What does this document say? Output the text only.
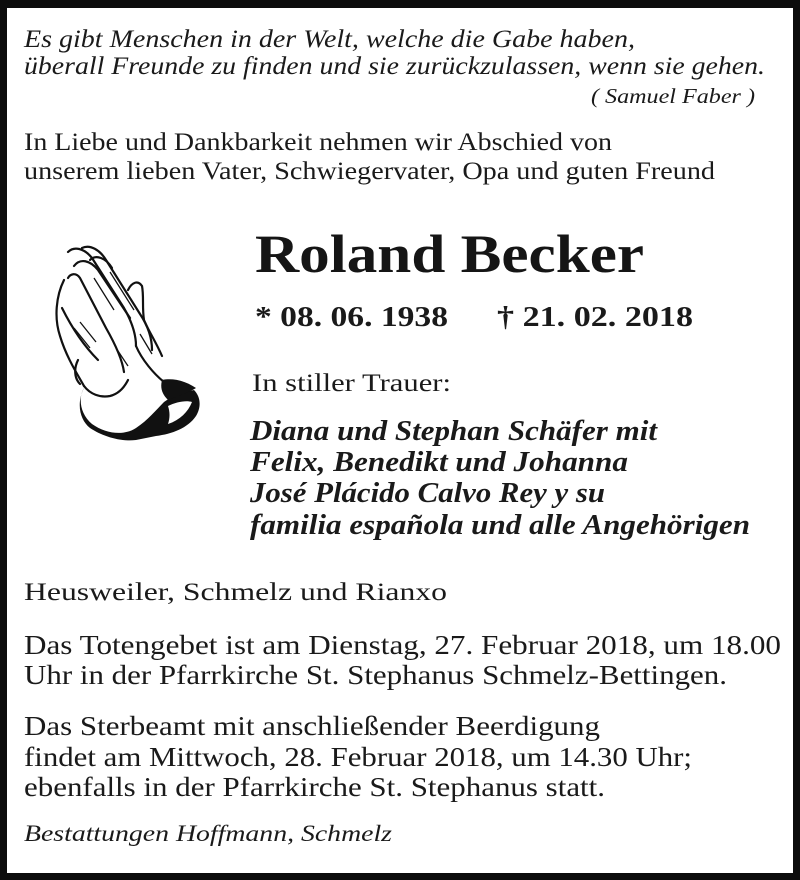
Es gibt Menschen in der Welt, welche die Gabe haben,
überall Freunde zu finden und sie zurückzulassen, wenn sie gehen.
( Samuel Faber )
In Liebe und Dankbarkeit nehmen wir Abschied von
unserem lieben Vater, Schwiegervater, Opa und guten Freund
Roland Becker
* 08. 06. 1938 † 21. 02. 2018
In stiller Trauer:
Diana und Stephan Schäfer mit
Felix, Benedikt und Johanna
José Plácido Calvo Rey y su
familia española und alle Angehörigen
Heusweiler, Schmelz und Rianxo
Das Totengebet ist am Dienstag, 27. Februar 2018, um 18.00
Uhr in der Pfarrkirche St. Stephanus Schmelz-Bettingen.
Das Sterbeamt mit anschließender Beerdigung
findet am Mittwoch, 28. Februar 2018, um 14.30 Uhr;
ebenfalls in der Pfarrkirche St. Stephanus statt.
Bestattungen Hoffmann, Schmelz
